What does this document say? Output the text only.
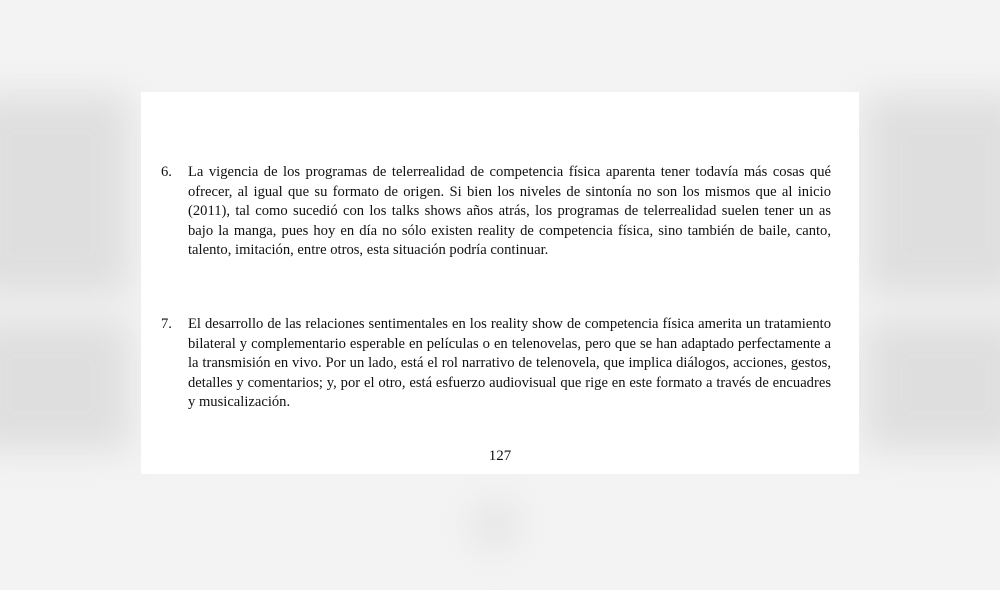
6.	La vigencia de los programas de telerrealidad de competencia física aparenta tener todavía más cosas qué ofrecer, al igual que su formato de origen. Si bien los niveles de sintonía no son los mismos que al inicio (2011), tal como sucedió con los talks shows años atrás, los programas de telerrealidad suelen tener un as bajo la manga, pues hoy en día no sólo existen reality de competencia física, sino también de baile, canto, talento, imitación, entre otros, esta situación podría continuar.
7.	El desarrollo de las relaciones sentimentales en los reality show de competencia física amerita un tratamiento bilateral y complementario esperable en películas o en telenovelas, pero que se han adaptado perfectamente a la transmisión en vivo. Por un lado, está el rol narrativo de telenovela, que implica diálogos, acciones, gestos, detalles y comentarios; y, por el otro, está esfuerzo audiovisual que rige en este formato a través de encuadres y musicalización.
127
